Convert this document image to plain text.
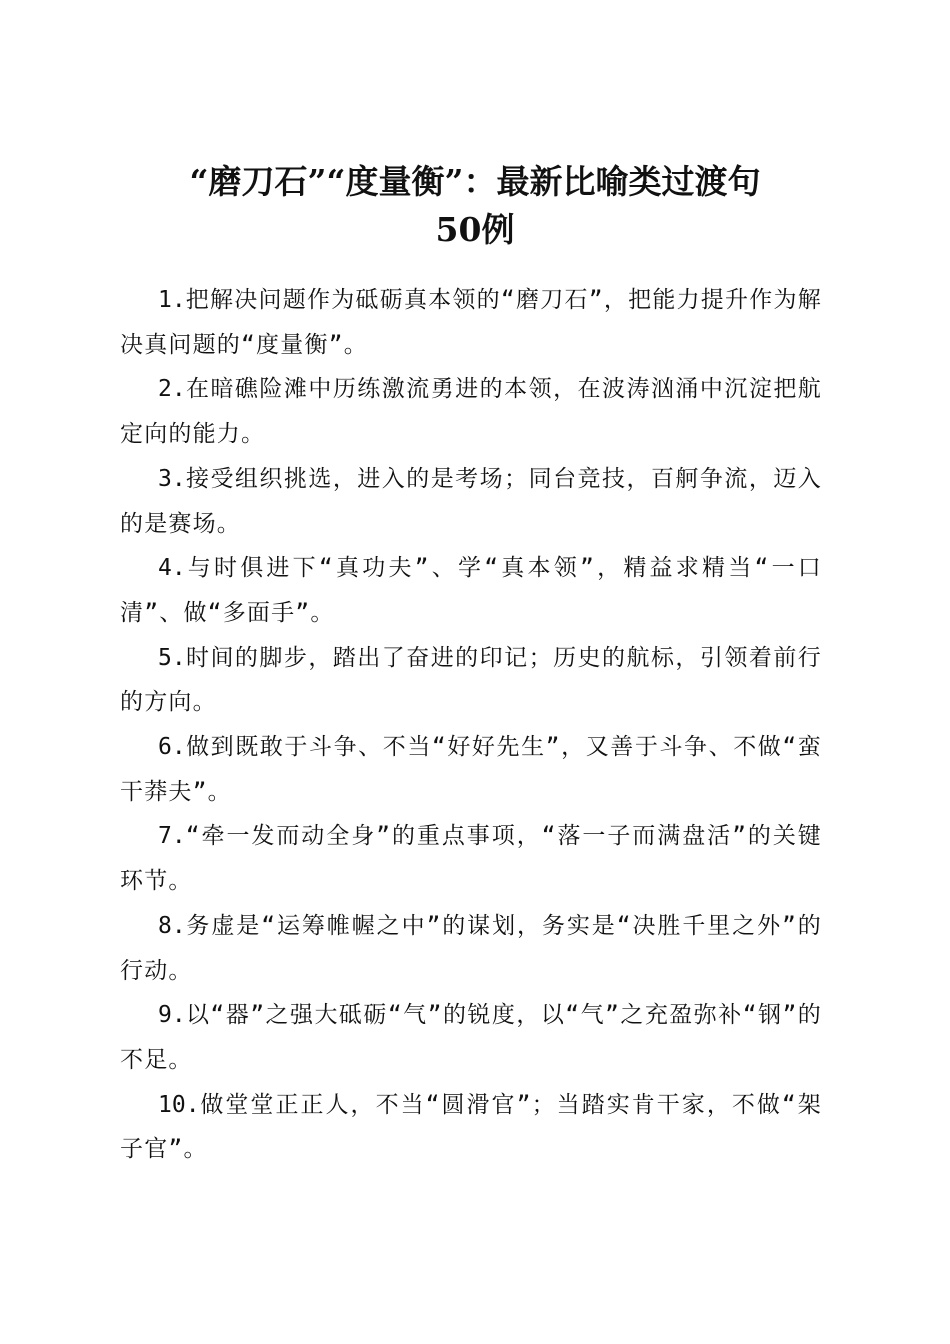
“磨刀石”“度量衡”：最新比喻类过渡句
50例

1.把解决问题作为砥砺真本领的“磨刀石”，把能力提升作为解决真问题的“度量衡”。

2.在暗礁险滩中历练激流勇进的本领，在波涛汹涌中沉淀把航定向的能力。

3.接受组织挑选，进入的是考场；同台竞技，百舸争流，迈入的是赛场。

4.与时俱进下“真功夫”、学“真本领”，精益求精当“一口清”、做“多面手”。

5.时间的脚步，踏出了奋进的印记；历史的航标，引领着前行的方向。

6.做到既敢于斗争、不当“好好先生”，又善于斗争、不做“蛮干莽夫”。

7.“牵一发而动全身”的重点事项，“落一子而满盘活”的关键环节。

8.务虚是“运筹帷幄之中”的谋划，务实是“决胜千里之外”的行动。

9.以“器”之强大砥砺“气”的锐度，以“气”之充盈弥补“钢”的不足。

10.做堂堂正正人，不当“圆滑官”；当踏实肯干家，不做“架子官”。
